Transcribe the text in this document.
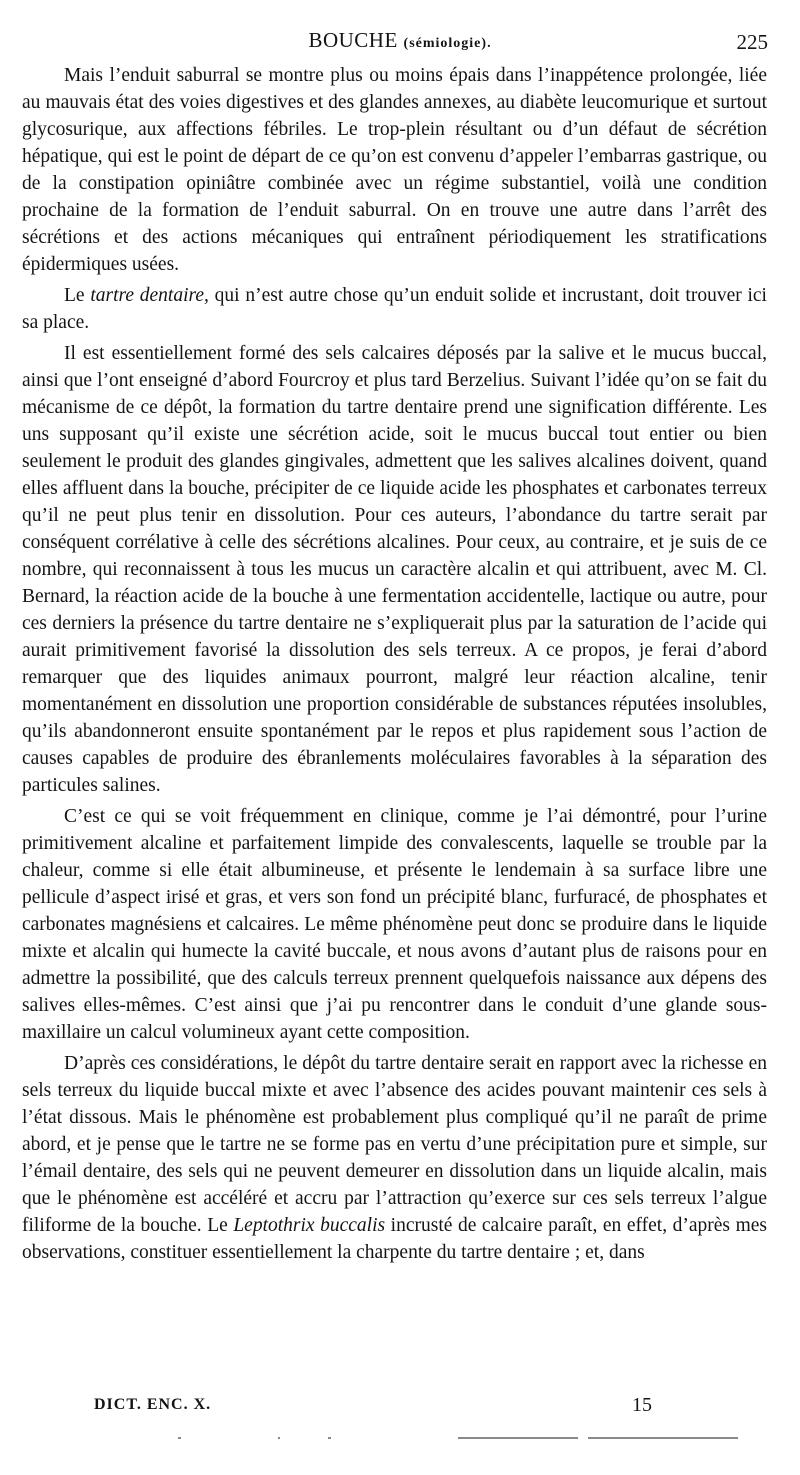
BOUCHE (sémiologie).	225

Mais l’enduit saburral se montre plus ou moins épais dans l’inappétence prolongée, liée au mauvais état des voies digestives et des glandes annexes, au diabète leucomurique et surtout glycosurique, aux affections fébriles. Le trop-plein résultant ou d’un défaut de sécrétion hépatique, qui est le point de départ de ce qu’on est convenu d’appeler l’embarras gastrique, ou de la constipation opiniâtre combinée avec un régime substantiel, voilà une condition prochaine de la formation de l’enduit saburral. On en trouve une autre dans l’arrêt des sécrétions et des actions mécaniques qui entraînent périodiquement les stratifications épidermiques usées.

Le tartre dentaire, qui n’est autre chose qu’un enduit solide et incrustant, doit trouver ici sa place.

Il est essentiellement formé des sels calcaires déposés par la salive et le mucus buccal, ainsi que l’ont enseigné d’abord Fourcroy et plus tard Berzelius. Suivant l’idée qu’on se fait du mécanisme de ce dépôt, la formation du tartre dentaire prend une signification différente. Les uns supposant qu’il existe une sécrétion acide, soit le mucus buccal tout entier ou bien seulement le produit des glandes gingivales, admettent que les salives alcalines doivent, quand elles affluent dans la bouche, précipiter de ce liquide acide les phosphates et carbonates terreux qu’il ne peut plus tenir en dissolution. Pour ces auteurs, l’abondance du tartre serait par conséquent corrélative à celle des sécrétions alcalines. Pour ceux, au contraire, et je suis de ce nombre, qui reconnaissent à tous les mucus un caractère alcalin et qui attribuent, avec M. Cl. Bernard, la réaction acide de la bouche à une fermentation accidentelle, lactique ou autre, pour ces derniers la présence du tartre dentaire ne s’expliquerait plus par la saturation de l’acide qui aurait primitivement favorisé la dissolution des sels terreux. A ce propos, je ferai d’abord remarquer que des liquides animaux pourront, malgré leur réaction alcaline, tenir momentanément en dissolution une proportion considérable de substances réputées insolubles, qu’ils abandonneront ensuite spontanément par le repos et plus rapidement sous l’action de causes capables de produire des ébranlements moléculaires favorables à la séparation des particules salines.

C’est ce qui se voit fréquemment en clinique, comme je l’ai démontré, pour l’urine primitivement alcaline et parfaitement limpide des convalescents, laquelle se trouble par la chaleur, comme si elle était albumineuse, et présente le lendemain à sa surface libre une pellicule d’aspect irisé et gras, et vers son fond un précipité blanc, furfuracé, de phosphates et carbonates magnésiens et calcaires. Le même phénomène peut donc se produire dans le liquide mixte et alcalin qui humecte la cavité buccale, et nous avons d’autant plus de raisons pour en admettre la possibilité, que des calculs terreux prennent quelquefois naissance aux dépens des salives elles-mêmes. C’est ainsi que j’ai pu rencontrer dans le conduit d’une glande sous-maxillaire un calcul volumineux ayant cette composition.

D’après ces considérations, le dépôt du tartre dentaire serait en rapport avec la richesse en sels terreux du liquide buccal mixte et avec l’absence des acides pouvant maintenir ces sels à l’état dissous. Mais le phénomène est probablement plus compliqué qu’il ne paraît de prime abord, et je pense que le tartre ne se forme pas en vertu d’une précipitation pure et simple, sur l’émail dentaire, des sels qui ne peuvent demeurer en dissolution dans un liquide alcalin, mais que le phénomène est accéléré et accru par l’attraction qu’exerce sur ces sels terreux l’algue filiforme de la bouche. Le Leptothrix buccalis incrusté de calcaire paraît, en effet, d’après mes observations, constituer essentiellement la charpente du tartre dentaire ; et, dans

DICT. ENC. X.	15
